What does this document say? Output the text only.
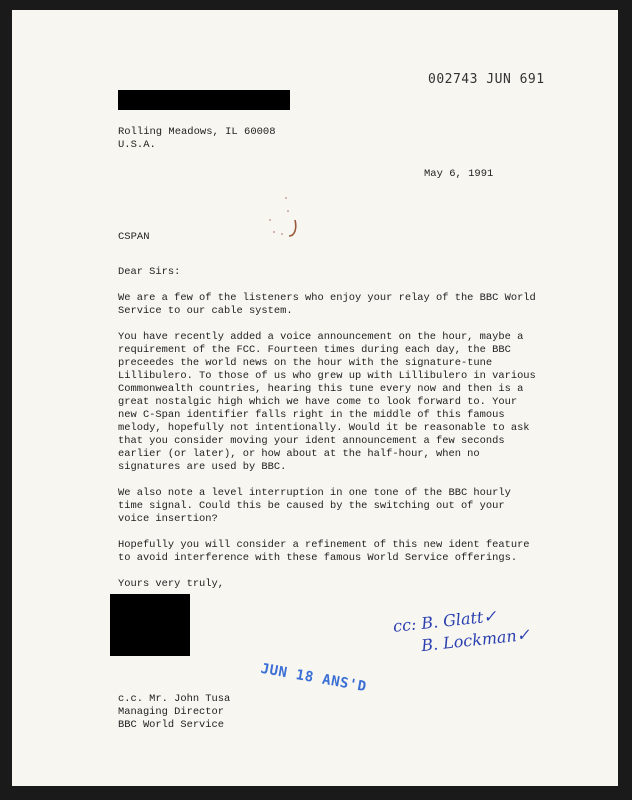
002743 JUN 691
Rolling Meadows, IL 60008
U.S.A.
May 6, 1991
CSPAN

Dear Sirs:

We are a few of the listeners who enjoy your relay of the BBC World Service to our cable system.

You have recently added a voice announcement on the hour, maybe a requirement of the FCC. Fourteen times during each day, the BBC preceedes the world news on the hour with the signature-tune Lillibulero. To those of us who grew up with Lillibulero in various Commonwealth countries, hearing this tune every now and then is a great nostalgic high which we have come to look forward to. Your new C-Span identifier falls right in the middle of this famous melody, hopefully not intentionally. Would it be reasonable to ask that you consider moving your ident announcement a few seconds earlier (or later), or how about at the half-hour, when no signatures are used by BBC.

We also note a level interruption in one tone of the BBC hourly time signal. Could this be caused by the switching out of your voice insertion?

Hopefully you will consider a refinement of this new ident feature to avoid interference with these famous World Service offerings.

Yours very truly,

cc: B. Glatt✓
B. Lockman✓
JUN 18 ANS'D
c.c. Mr. John Tusa
Managing Director
BBC World Service
